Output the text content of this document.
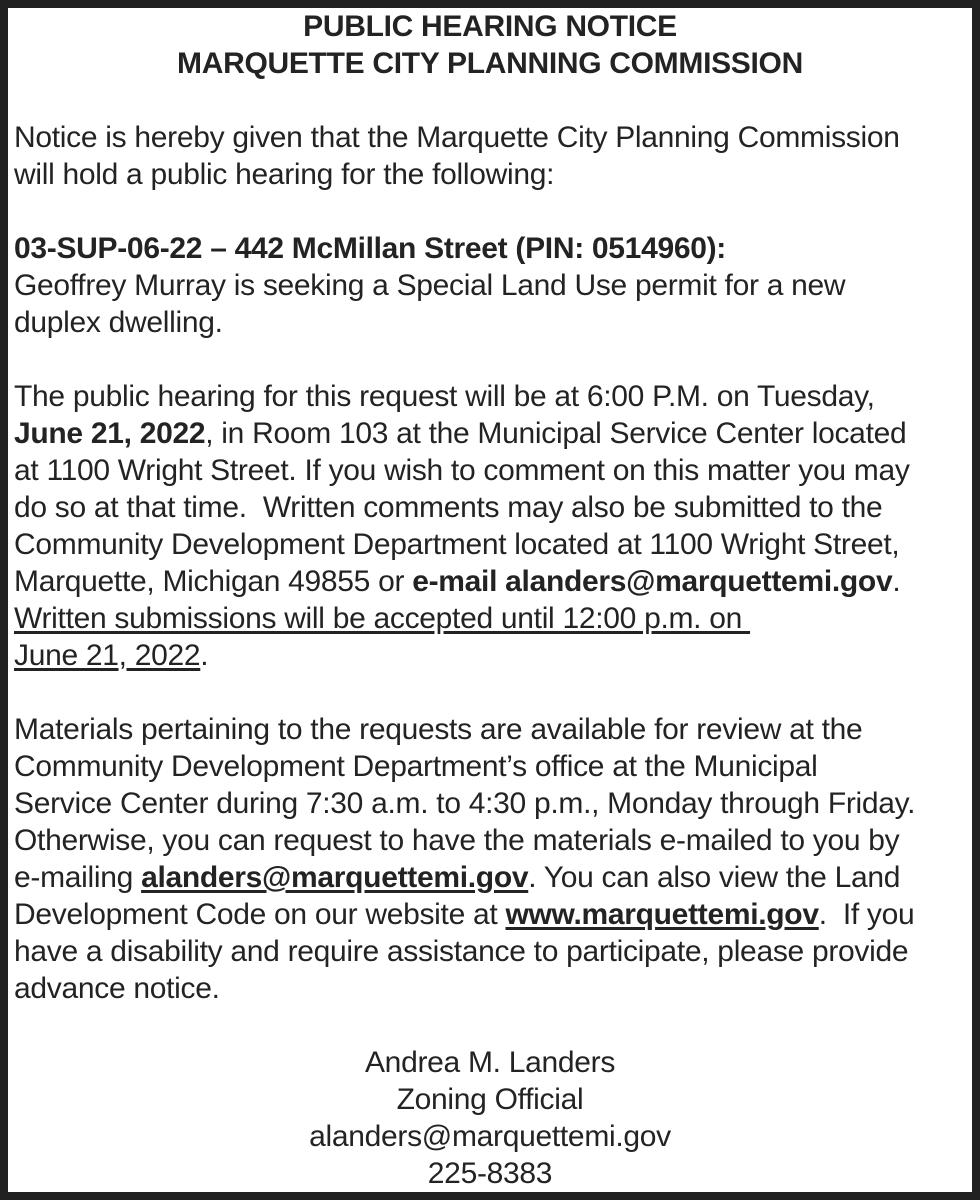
PUBLIC HEARING NOTICE
MARQUETTE CITY PLANNING COMMISSION
Notice is hereby given that the Marquette City Planning Commission
will hold a public hearing for the following:
03-SUP-06-22 – 442 McMillan Street (PIN: 0514960):
Geoffrey Murray is seeking a Special Land Use permit for a new
duplex dwelling.
The public hearing for this request will be at 6:00 P.M. on Tuesday,
June 21, 2022, in Room 103 at the Municipal Service Center located
at 1100 Wright Street. If you wish to comment on this matter you may
do so at that time.  Written comments may also be submitted to the
Community Development Department located at 1100 Wright Street,
Marquette, Michigan 49855 or e-mail alanders@marquettemi.gov.
Written submissions will be accepted until 12:00 p.m. on
June 21, 2022.
Materials pertaining to the requests are available for review at the
Community Development Department’s office at the Municipal
Service Center during 7:30 a.m. to 4:30 p.m., Monday through Friday.
Otherwise, you can request to have the materials e-mailed to you by
e-mailing alanders@marquettemi.gov. You can also view the Land
Development Code on our website at www.marquettemi.gov.  If you
have a disability and require assistance to participate, please provide
advance notice.
Andrea M. Landers
Zoning Official
alanders@marquettemi.gov
225-8383
